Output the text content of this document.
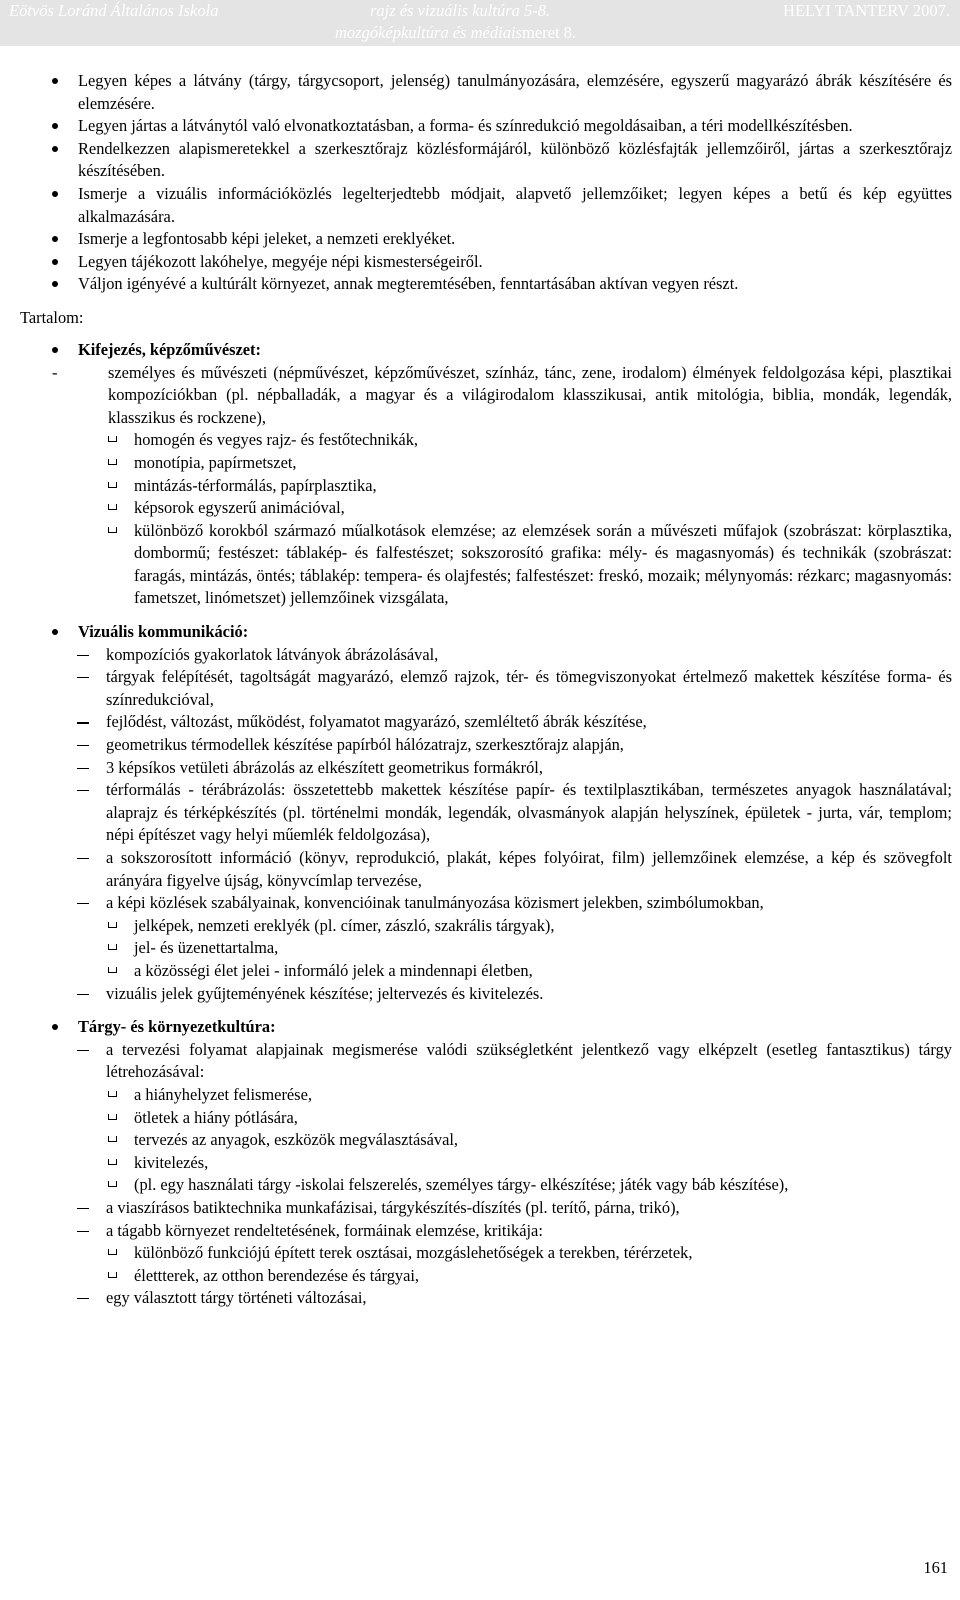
Eötvös Loránd Általános Iskola	rajz és vizuális kultúra 5-8.
mozgóképkultúra és médiaismeret 8.
HELYI TANTERV 2007.
Legyen képes a látvány (tárgy, tárgycsoport, jelenség) tanulmányozására, elemzésére, egyszerű magyarázó ábrák készítésére és elemzésére.
Legyen jártas a látványtól való elvonatkoztatásban, a forma- és színredukció megoldásaiban, a téri modellkészítésben.
Rendelkezzen alapismeretekkel a szerkesztőrajz közlésformájáról, különböző közlésfajták jellemzőiről, jártas a szerkesztőrajz készítésében.
Ismerje a vizuális információközlés legelterjedtebb módjait, alapvető jellemzőiket; legyen képes a betű és kép együttes alkalmazására.
Ismerje a legfontosabb képi jeleket, a nemzeti ereklyéket.
Legyen tájékozott lakóhelye, megyéje népi kismesterségeiről.
Váljon igényévé a kultúrált környezet, annak megteremtésében, fenntartásában aktívan vegyen részt.
Tartalom:
Kifejezés, képzőművészet:
- személyes és művészeti (népművészet, képzőművészet, színház, tánc, zene, irodalom) élmények feldolgozása képi, plasztikai kompozíciókban (pl. népballadák, a magyar és a világirodalom klasszikusai, antik mitológia, biblia, mondák, legendák, klasszikus és rockzene),
homogén és vegyes rajz- és festőtechnikák,
monotípia, papírmetszet,
mintázás-térformálás, papírplasztika,
képsorok egyszerű animációval,
különböző korokból származó műalkotások elemzése; az elemzések során a művészeti műfajok (szobrászat: körplasztika, dombormű; festészet: táblakép- és falfestészet; sokszorosító grafika: mély- és magasnyomás) és technikák (szobrászat: faragás, mintázás, öntés; táblakép: tempera- és olajfestés; falfestészet: freskó, mozaik; mélynyomás: rézkarc; magasnyomás: fametszet, linómetszet) jellemzőinek vizsgálata,
Vizuális kommunikáció:
kompozíciós gyakorlatok látványok ábrázolásával,
tárgyak felépítését, tagoltságát magyarázó, elemző rajzok, tér- és tömegviszonyokat értelmező makettek készítése forma- és színredukcióval,
fejlődést, változást, működést, folyamatot magyarázó, szemléltető ábrák készítése,
geometrikus térmodellek készítése papírból hálózatrajz, szerkesztőrajz alapján,
3 képsíkos vetületi ábrázolás az elkészített geometrikus formákról,
térformálás - térábrázolás: összetettebb makettek készítése papír- és textilplasztikában, természetes anyagok használatával; alaprajz és térképkészítés (pl. történelmi mondák, legendák, olvasmányok alapján helyszínek, épületek - jurta, vár, templom; népi építészet vagy helyi műemlék feldolgozása),
a sokszorosított információ (könyv, reprodukció, plakát, képes folyóirat, film) jellemzőinek elemzése, a kép és szövegfolt arányára figyelve újság, könyvcímlap tervezése,
a képi közlések szabályainak, konvencióinak tanulmányozása közismert jelekben, szimbólumokban,
jelképek, nemzeti ereklyék (pl. címer, zászló, szakrális tárgyak),
jel- és üzenettartalma,
a közösségi élet jelei - informáló jelek a mindennapi életben,
vizuális jelek gyűjteményének készítése; jeltervezés és kivitelezés.
Tárgy- és környezetkultúra:
a tervezési folyamat alapjainak megismerése valódi szükségletként jelentkező vagy elképzelt (esetleg fantasztikus) tárgy létrehozásával:
a hiányhelyzet felismerése,
ötletek a hiány pótlására,
tervezés az anyagok, eszközök megválasztásával,
kivitelezés,
(pl. egy használati tárgy -iskolai felszerelés, személyes tárgy- elkészítése; játék vagy báb készítése),
a viaszírásos batiktechnika munkafázisai, tárgykészítés-díszítés (pl. terítő, párna, trikó),
a tágabb környezet rendeltetésének, formáinak elemzése, kritikája:
különböző funkciójú épített terek osztásai, mozgáslehetőségek a terekben, térérzetek,
élettterek, az otthon berendezése és tárgyai,
egy választott tárgy történeti változásai,
161
